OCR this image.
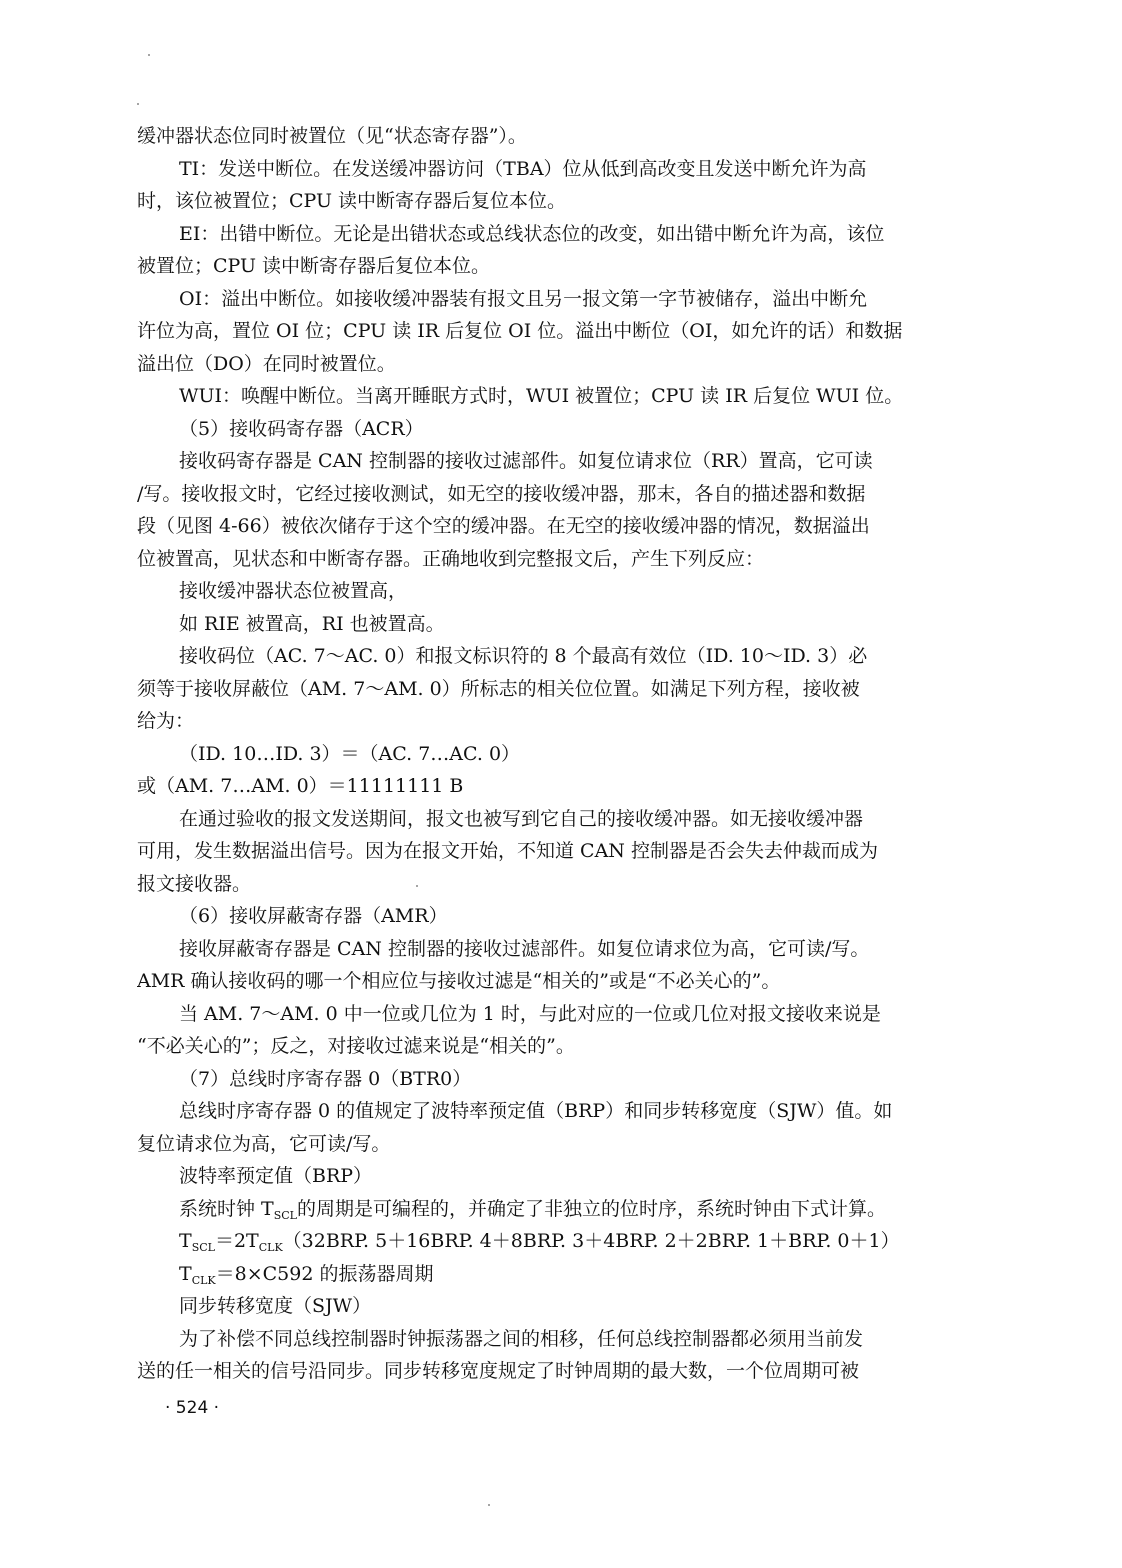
缓冲器状态位同时被置位（见“状态寄存器”）。
TI：发送中断位。在发送缓冲器访问（TBA）位从低到高改变且发送中断允许为高
时，该位被置位；CPU 读中断寄存器后复位本位。
EI：出错中断位。无论是出错状态或总线状态位的改变，如出错中断允许为高，该位
被置位；CPU 读中断寄存器后复位本位。
OI：溢出中断位。如接收缓冲器装有报文且另一报文第一字节被储存，溢出中断允
许位为高，置位 OI 位；CPU 读 IR 后复位 OI 位。溢出中断位（OI，如允许的话）和数据
溢出位（DO）在同时被置位。
WUI：唤醒中断位。当离开睡眠方式时，WUI 被置位；CPU 读 IR 后复位 WUI 位。
（5）接收码寄存器（ACR）
接收码寄存器是 CAN 控制器的接收过滤部件。如复位请求位（RR）置高，它可读
/写。接收报文时，它经过接收测试，如无空的接收缓冲器，那末，各自的描述器和数据
段（见图 4-66）被依次储存于这个空的缓冲器。在无空的接收缓冲器的情况，数据溢出
位被置高，见状态和中断寄存器。正确地收到完整报文后，产生下列反应：
接收缓冲器状态位被置高，
如 RIE 被置高，RI 也被置高。
接收码位（AC. 7～AC. 0）和报文标识符的 8 个最高有效位（ID. 10～ID. 3）必
须等于接收屏蔽位（AM. 7～AM. 0）所标志的相关位位置。如满足下列方程，接收被
给为：
（ID. 10…ID. 3）＝（AC. 7…AC. 0）
或（AM. 7…AM. 0）＝11111111 B
在通过验收的报文发送期间，报文也被写到它自己的接收缓冲器。如无接收缓冲器
可用，发生数据溢出信号。因为在报文开始，不知道 CAN 控制器是否会失去仲裁而成为
报文接收器。
（6）接收屏蔽寄存器（AMR）
接收屏蔽寄存器是 CAN 控制器的接收过滤部件。如复位请求位为高，它可读/写。
AMR 确认接收码的哪一个相应位与接收过滤是“相关的”或是“不必关心的”。
当 AM. 7～AM. 0 中一位或几位为 1 时，与此对应的一位或几位对报文接收来说是
“不必关心的”；反之，对接收过滤来说是“相关的”。
（7）总线时序寄存器 0（BTR0）
总线时序寄存器 0 的值规定了波特率预定值（BRP）和同步转移宽度（SJW）值。如
复位请求位为高，它可读/写。
波特率预定值（BRP）
系统时钟 $T_{SCL}$的周期是可编程的，并确定了非独立的位时序，系统时钟由下式计算。
$T_{SCL}=2T_{CLK}(32BRP$. 5＋16BRP. 4＋8BRP. 3＋4BRP. 2＋2BRP. 1＋BRP. 0＋1）
$T_{CLK}=8\times C592$ 的振荡器周期
同步转移宽度（SJW）
为了补偿不同总线控制器时钟振荡器之间的相移，任何总线控制器都必须用当前发
送的任一相关的信号沿同步。同步转移宽度规定了时钟周期的最大数，一个位周期可被
· 524 ·
